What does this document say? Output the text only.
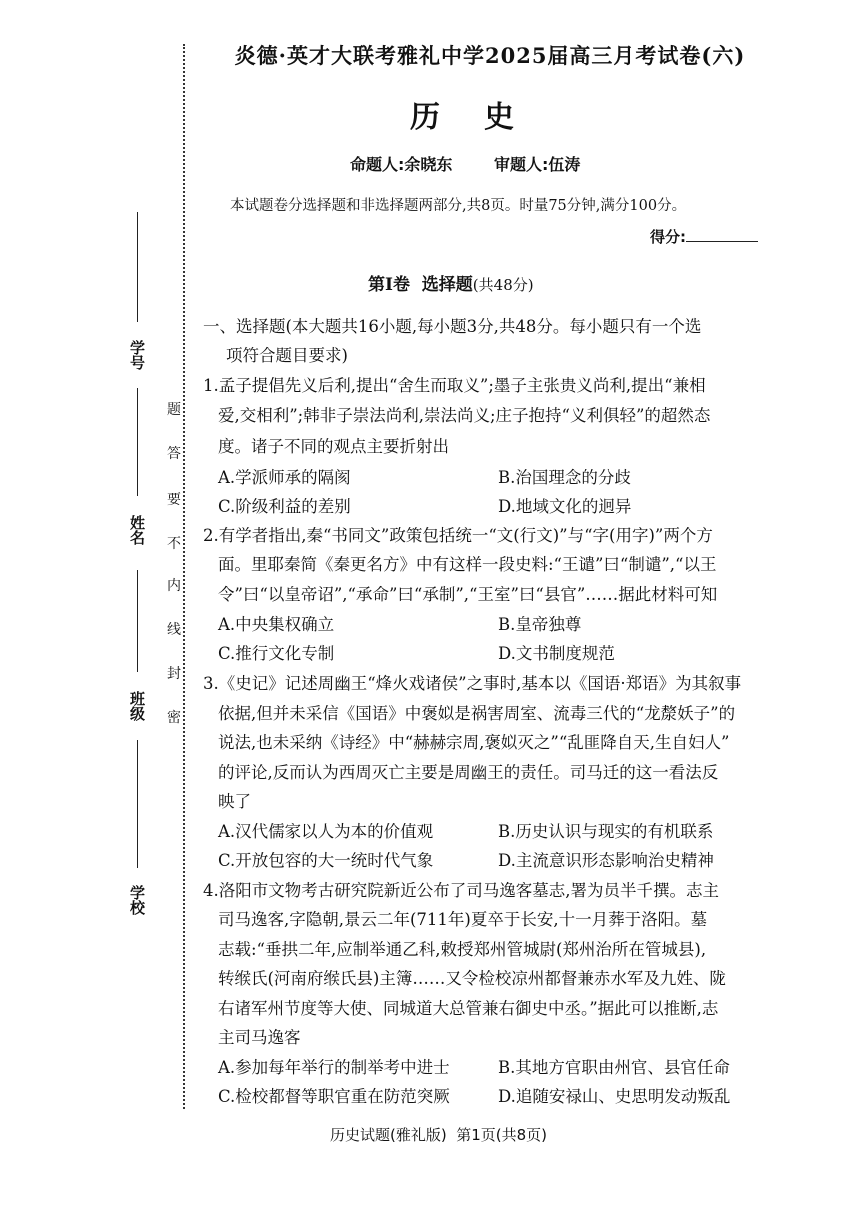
题
答
要
不
内
线
封
密
学号
姓名
班级
学校
炎德·英才大联考雅礼中学2025届高三月考试卷(六)
历史
命题人:余晓东	审题人:伍涛
本试题卷分选择题和非选择题两部分,共8页。时量75分钟,满分100分。
得分:
第Ⅰ卷  选择题(共48分)
一、选择题(本大题共16小题,每小题3分,共48分。每小题只有一个选
项符合题目要求)
1.孟子提倡先义后利,提出“舍生而取义”;墨子主张贵义尚利,提出“兼相
爱,交相利”;韩非子崇法尚利,崇法尚义;庄子抱持“义利俱轻”的超然态
度。诸子不同的观点主要折射出
A.学派师承的隔阂	B.治国理念的分歧
C.阶级利益的差别	D.地域文化的迥异
2.有学者指出,秦“书同文”政策包括统一“文(行文)”与“字(用字)”两个方
面。里耶秦简《秦更名方》中有这样一段史料:“王谴”曰“制谴”,“以王
令”曰“以皇帝诏”,“承命”曰“承制”,“王室”曰“县官”……据此材料可知
A.中央集权确立	B.皇帝独尊
C.推行文化专制	D.文书制度规范
3.《史记》记述周幽王“烽火戏诸侯”之事时,基本以《国语·郑语》为其叙事
依据,但并未采信《国语》中褒姒是祸害周室、流毒三代的“龙漦妖子”的
说法,也未采纳《诗经》中“赫赫宗周,褒姒灭之”“乱匪降自天,生自妇人”
的评论,反而认为西周灭亡主要是周幽王的责任。司马迁的这一看法反
映了
A.汉代儒家以人为本的价值观	B.历史认识与现实的有机联系
C.开放包容的大一统时代气象	D.主流意识形态影响治史精神
4.洛阳市文物考古研究院新近公布了司马逸客墓志,署为员半千撰。志主
司马逸客,字隐朝,景云二年(711年)夏卒于长安,十一月葬于洛阳。墓
志载:“垂拱二年,应制举通乙科,敕授郑州管城尉(郑州治所在管城县),
转缑氏(河南府缑氏县)主簿……又令检校凉州都督兼赤水军及九姓、陇
右诸军州节度等大使、同城道大总管兼右御史中丞。”据此可以推断,志
主司马逸客
A.参加每年举行的制举考中进士	B.其地方官职由州官、县官任命
C.检校都督等职官重在防范突厥	D.追随安禄山、史思明发动叛乱
历史试题(雅礼版)  第1页(共8页)
